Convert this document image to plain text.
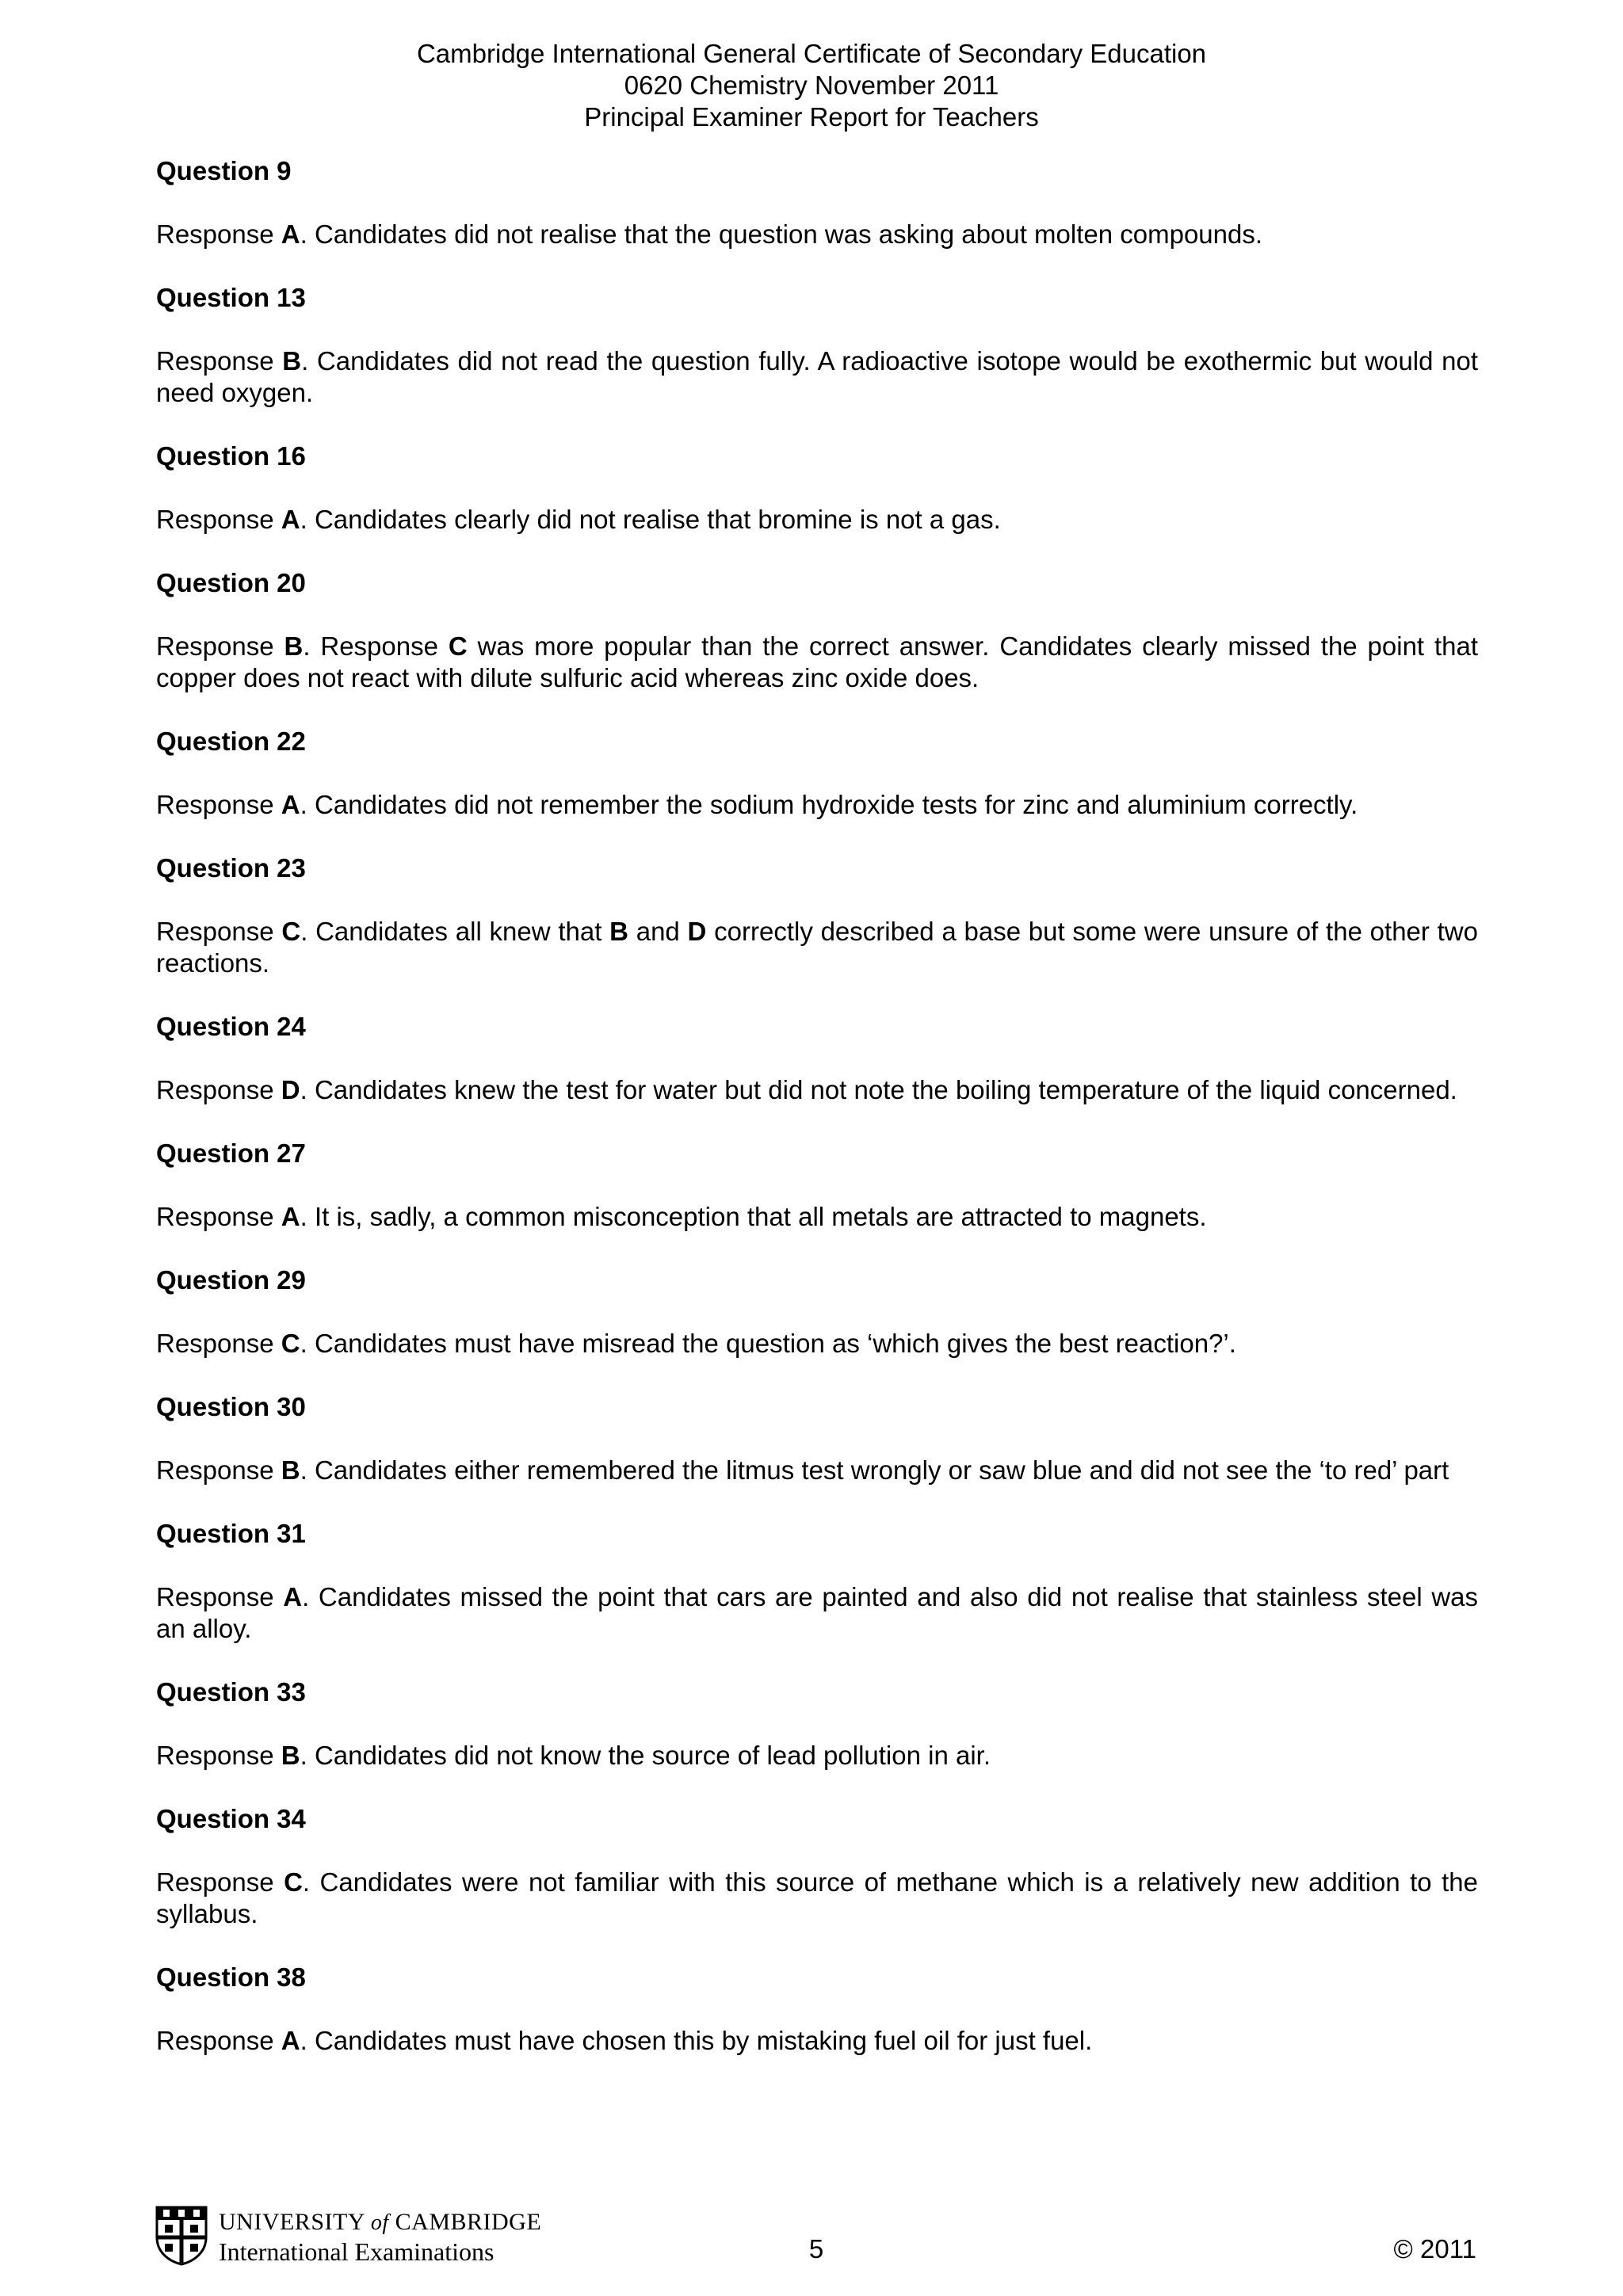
Cambridge International General Certificate of Secondary Education
0620 Chemistry November 2011
Principal Examiner Report for Teachers
Question 9
Response A. Candidates did not realise that the question was asking about molten compounds.
Question 13
Response B. Candidates did not read the question fully. A radioactive isotope would be exothermic but would not need oxygen.
Question 16
Response A. Candidates clearly did not realise that bromine is not a gas.
Question 20
Response B. Response C was more popular than the correct answer. Candidates clearly missed the point that copper does not react with dilute sulfuric acid whereas zinc oxide does.
Question 22
Response A. Candidates did not remember the sodium hydroxide tests for zinc and aluminium correctly.
Question 23
Response C. Candidates all knew that B and D correctly described a base but some were unsure of the other two reactions.
Question 24
Response D. Candidates knew the test for water but did not note the boiling temperature of the liquid concerned.
Question 27
Response A. It is, sadly, a common misconception that all metals are attracted to magnets.
Question 29
Response C. Candidates must have misread the question as ‘which gives the best reaction?’.
Question 30
Response B. Candidates either remembered the litmus test wrongly or saw blue and did not see the ‘to red’ part
Question 31
Response A. Candidates missed the point that cars are painted and also did not realise that stainless steel was an alloy.
Question 33
Response B. Candidates did not know the source of lead pollution in air.
Question 34
Response C. Candidates were not familiar with this source of methane which is a relatively new addition to the syllabus.
Question 38
Response A. Candidates must have chosen this by mistaking fuel oil for just fuel.
UNIVERSITY of CAMBRIDGE
International Examinations	5	© 2011
